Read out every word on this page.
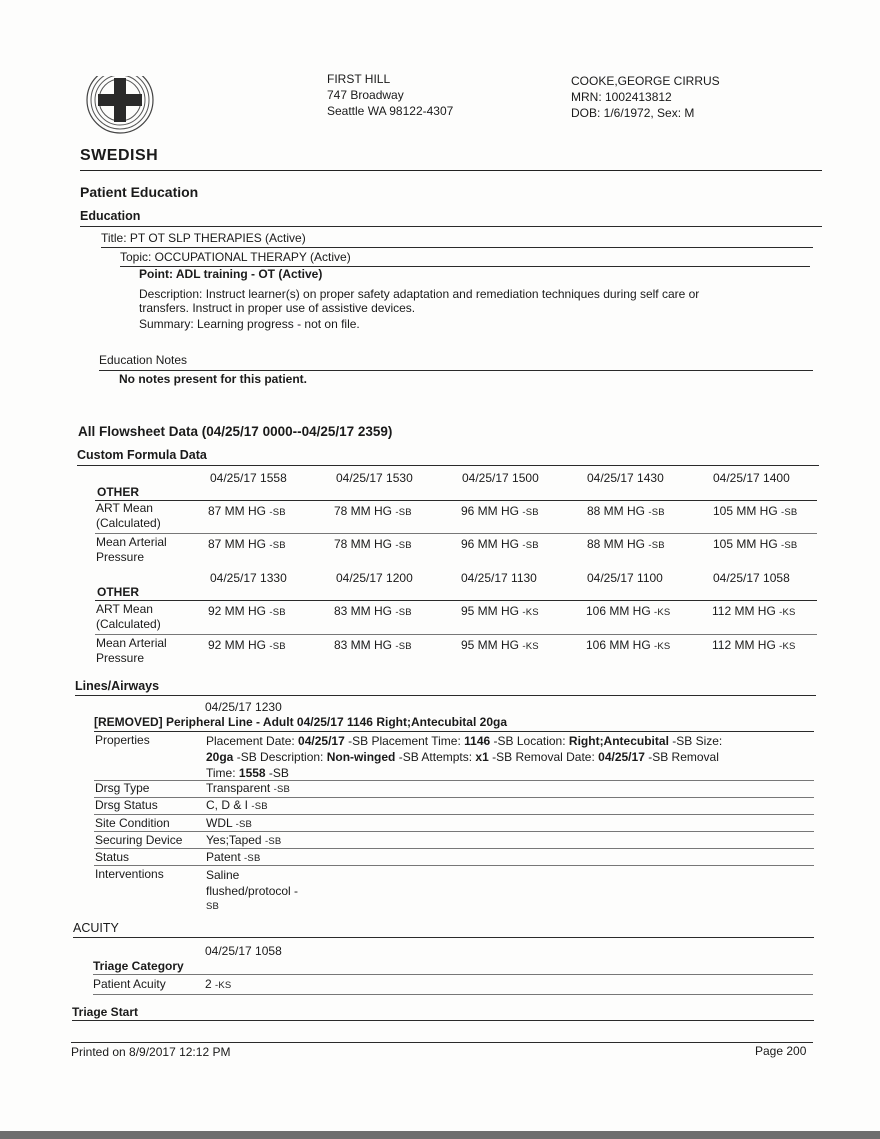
SWEDISH
FIRST HILL
747 Broadway
Seattle WA 98122-4307
COOKE,GEORGE CIRRUS
MRN: 1002413812
DOB: 1/6/1972, Sex: M
Patient Education
Education
Title: PT OT SLP THERAPIES (Active)
Topic: OCCUPATIONAL THERAPY (Active)
Point: ADL training - OT (Active)
Description: Instruct learner(s) on proper safety adaptation and remediation techniques during self care or
transfers. Instruct in proper use of assistive devices.
Summary: Learning progress - not on file.
Education Notes
No notes present for this patient.
All Flowsheet Data (04/25/17 0000--04/25/17 2359)
Custom Formula Data
04/25/17 1558	04/25/17 1530	04/25/17 1500	04/25/17 1430	04/25/17 1400
OTHER
ART Mean
(Calculated)
87 MM HG -SB	78 MM HG -SB	96 MM HG -SB	88 MM HG -SB	105 MM HG -SB
Mean Arterial
Pressure
87 MM HG -SB	78 MM HG -SB	96 MM HG -SB	88 MM HG -SB	105 MM HG -SB
04/25/17 1330	04/25/17 1200	04/25/17 1130	04/25/17 1100	04/25/17 1058
OTHER
ART Mean
(Calculated)
92 MM HG -SB	83 MM HG -SB	95 MM HG -KS	106 MM HG -KS	112 MM HG -KS
Mean Arterial
Pressure
92 MM HG -SB	83 MM HG -SB	95 MM HG -KS	106 MM HG -KS	112 MM HG -KS
Lines/Airways
04/25/17 1230
[REMOVED] Peripheral Line - Adult 04/25/17 1146 Right;Antecubital 20ga
Properties	Placement Date: 04/25/17 -SB Placement Time: 1146 -SB Location: Right;Antecubital -SB Size:
20ga -SB Description: Non-winged -SB Attempts: x1 -SB Removal Date: 04/25/17 -SB Removal
Time: 1558 -SB
Drsg Type	Transparent -SB
Drsg Status	C, D & I -SB
Site Condition	WDL -SB
Securing Device Yes;Taped -SB
Status	Patent -SB
Interventions	Saline
flushed/protocol -
SB
ACUITY
04/25/17 1058
Triage Category
Patient Acuity	2 -KS
Triage Start
Printed on 8/9/2017 12:12 PM	Page 200
